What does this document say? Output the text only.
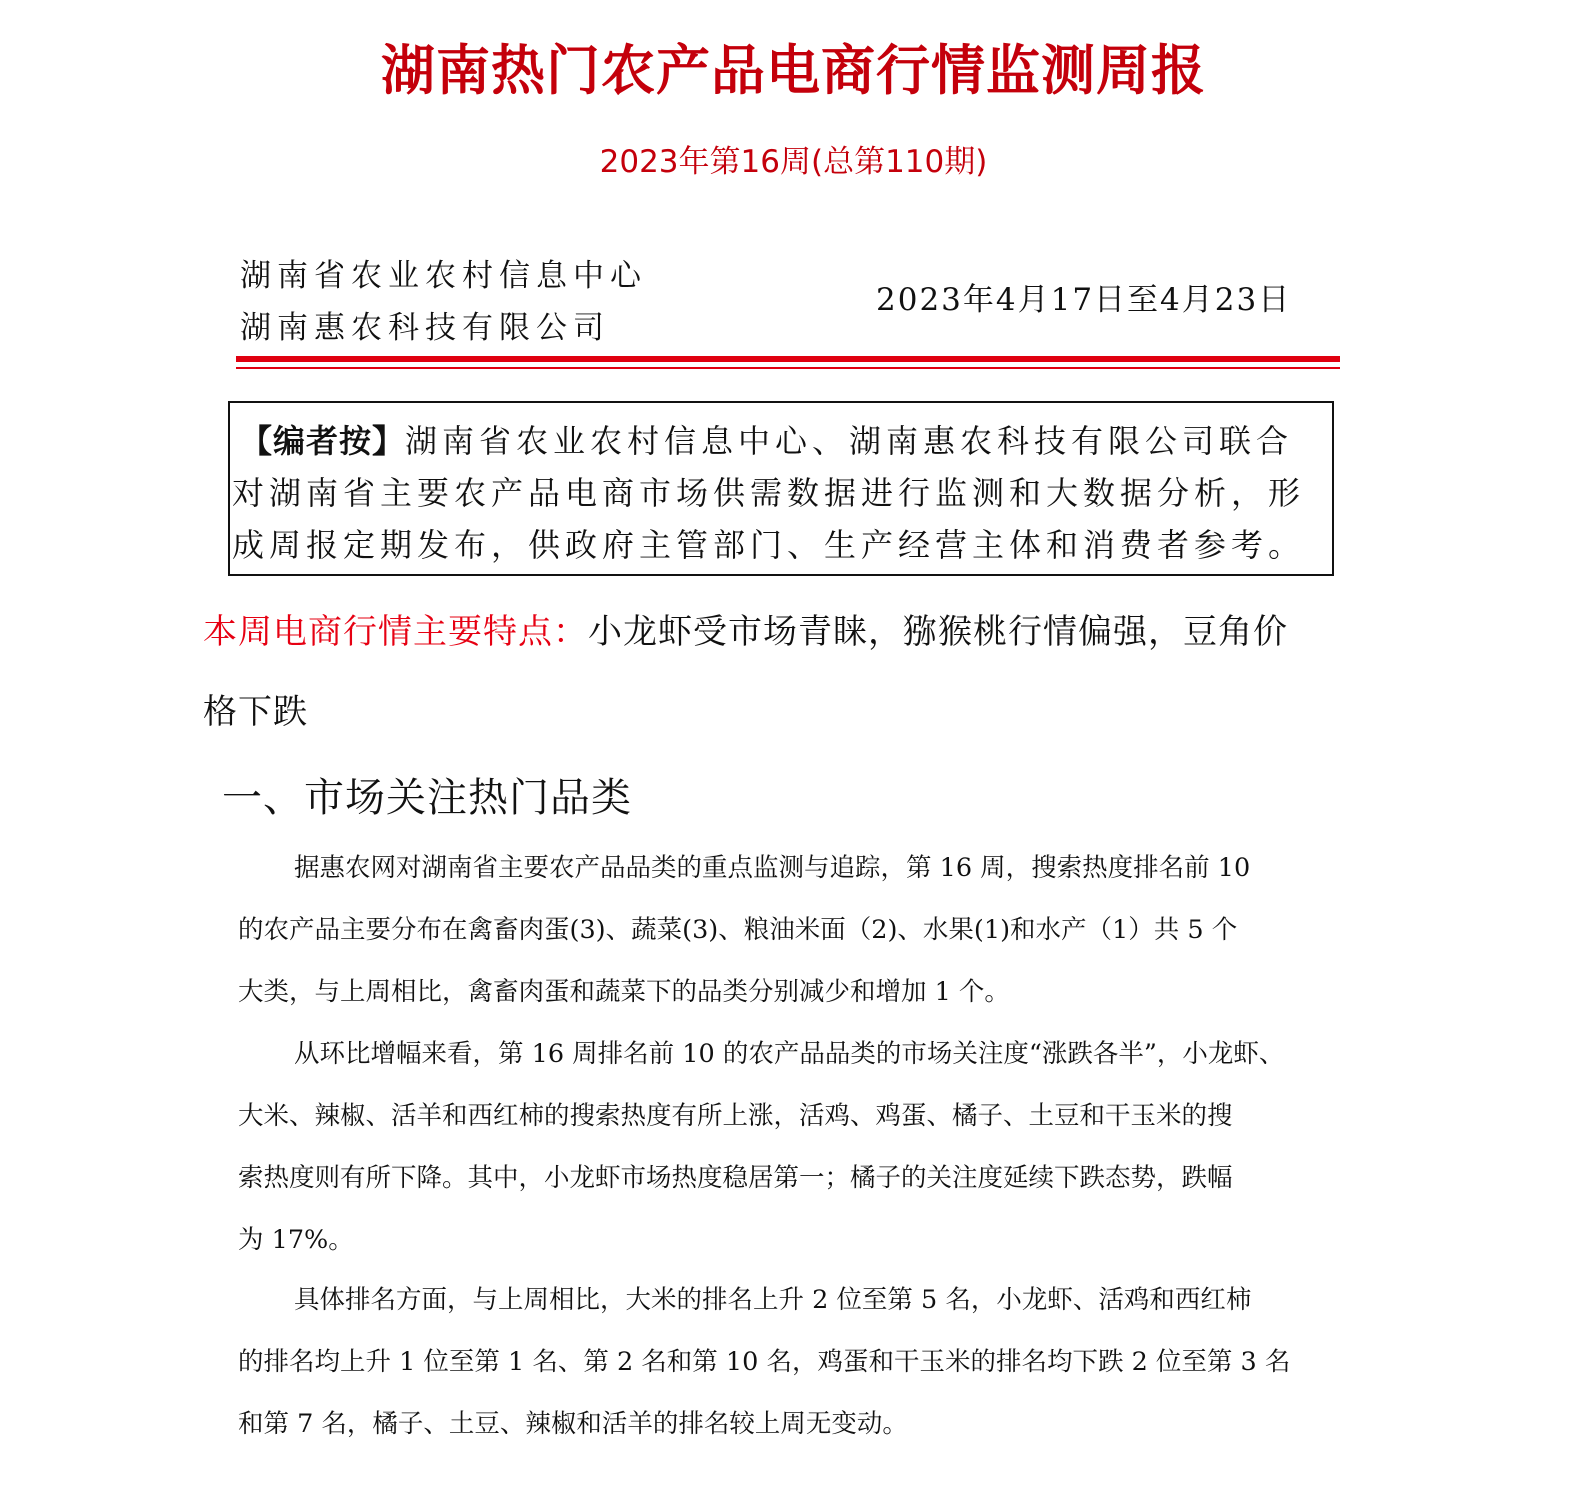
湖南热门农产品电商行情监测周报
2023年第16周(总第110期)
湖南省农业农村信息中心
湖南惠农科技有限公司
2023年4月17日至4月23日
【编者按】湖南省农业农村信息中心、湖南惠农科技有限公司联合
对湖南省主要农产品电商市场供需数据进行监测和大数据分析，形
成周报定期发布，供政府主管部门、生产经营主体和消费者参考。
本周电商行情主要特点：小龙虾受市场青睐，猕猴桃行情偏强，豆角价
格下跌
一、市场关注热门品类
据惠农网对湖南省主要农产品品类的重点监测与追踪，第 16 周，搜索热度排名前 10
的农产品主要分布在禽畜肉蛋(3)、蔬菜(3)、粮油米面（2)、水果(1)和水产（1）共 5 个
大类，与上周相比，禽畜肉蛋和蔬菜下的品类分别减少和增加 1 个。
从环比增幅来看，第 16 周排名前 10 的农产品品类的市场关注度“涨跌各半”，小龙虾、
大米、辣椒、活羊和西红柿的搜索热度有所上涨，活鸡、鸡蛋、橘子、土豆和干玉米的搜
索热度则有所下降。其中，小龙虾市场热度稳居第一；橘子的关注度延续下跌态势，跌幅
为 17%。
具体排名方面，与上周相比，大米的排名上升 2 位至第 5 名，小龙虾、活鸡和西红柿
的排名均上升 1 位至第 1 名、第 2 名和第 10 名，鸡蛋和干玉米的排名均下跌 2 位至第 3 名
和第 7 名，橘子、土豆、辣椒和活羊的排名较上周无变动。
